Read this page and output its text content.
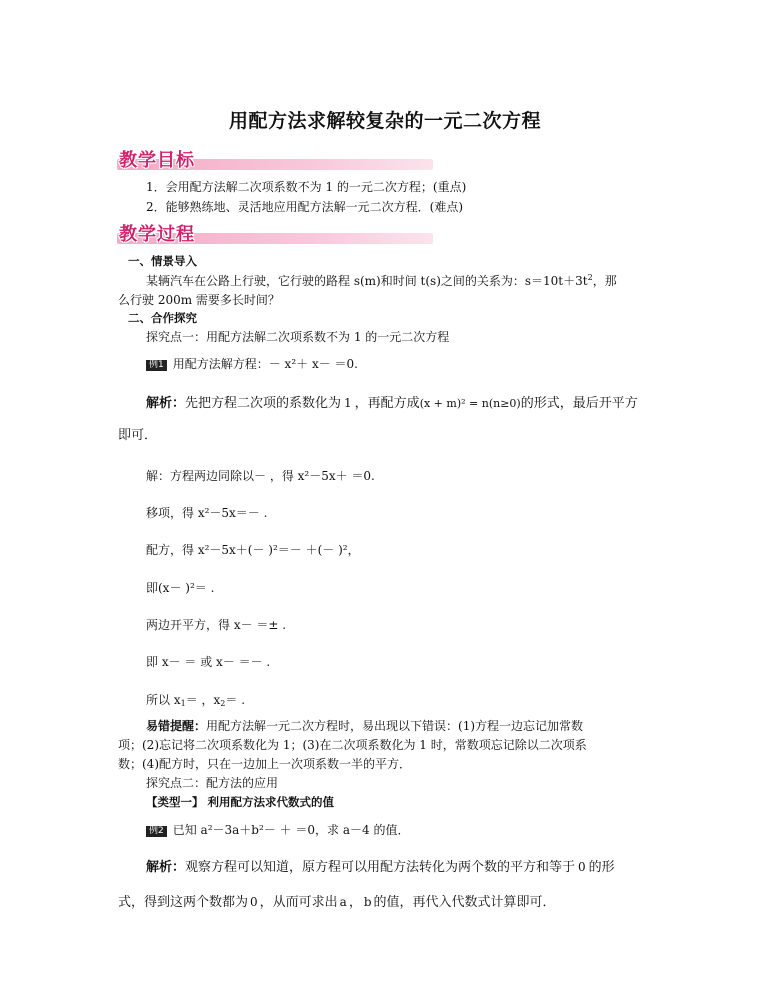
用配方法求解较复杂的一元二次方程
教学目标
1．会用配方法解二次项系数不为 1 的一元二次方程；(重点)
2．能够熟练地、灵活地应用配方法解一元二次方程．(难点)
教学过程
一、情景导入
某辆汽车在公路上行驶，它行驶的路程 s(m)和时间 t(s)之间的关系为：$s=10t+3t^2$，那
么行驶 200m 需要多长时间？
二、合作探究
探究点一：用配方法解二次项系数不为 1 的一元二次方程
例1 用配方法解方程：－ x²＋ x－ ＝0.
解析：先把方程二次项的系数化为 1 ，再配方成(x + m)² = n(n≥0)的形式，最后开平方
即可．
解：方程两边同除以－ ，得 x²－5x＋ ＝0.
移项，得 x²－5x＝－ .
配方，得 x²－5x＋(－ )²＝－ ＋(－ )²，
即(x－ )²＝ .
两边开平方，得 x－ ＝± .
即 x－ ＝ 或 x－ ＝－ .
所以 $x_1=$ ，$x_2=$ .
易错提醒：用配方法解一元二次方程时，易出现以下错误：(1)方程一边忘记加常数
项；(2)忘记将二次项系数化为 1；(3)在二次项系数化为 1 时，常数项忘记除以二次项系
数；(4)配方时，只在一边加上一次项系数一半的平方．
探究点二：配方法的应用
【类型一】 利用配方法求代数式的值
例2 已知 a²－3a＋b²－ ＋ ＝0，求 a－4 的值．
解析：观察方程可以知道，原方程可以用配方法转化为两个数的平方和等于 0 的形
式，得到这两个数都为 0 ，从而可求出 a ， b 的值，再代入代数式计算即可．
